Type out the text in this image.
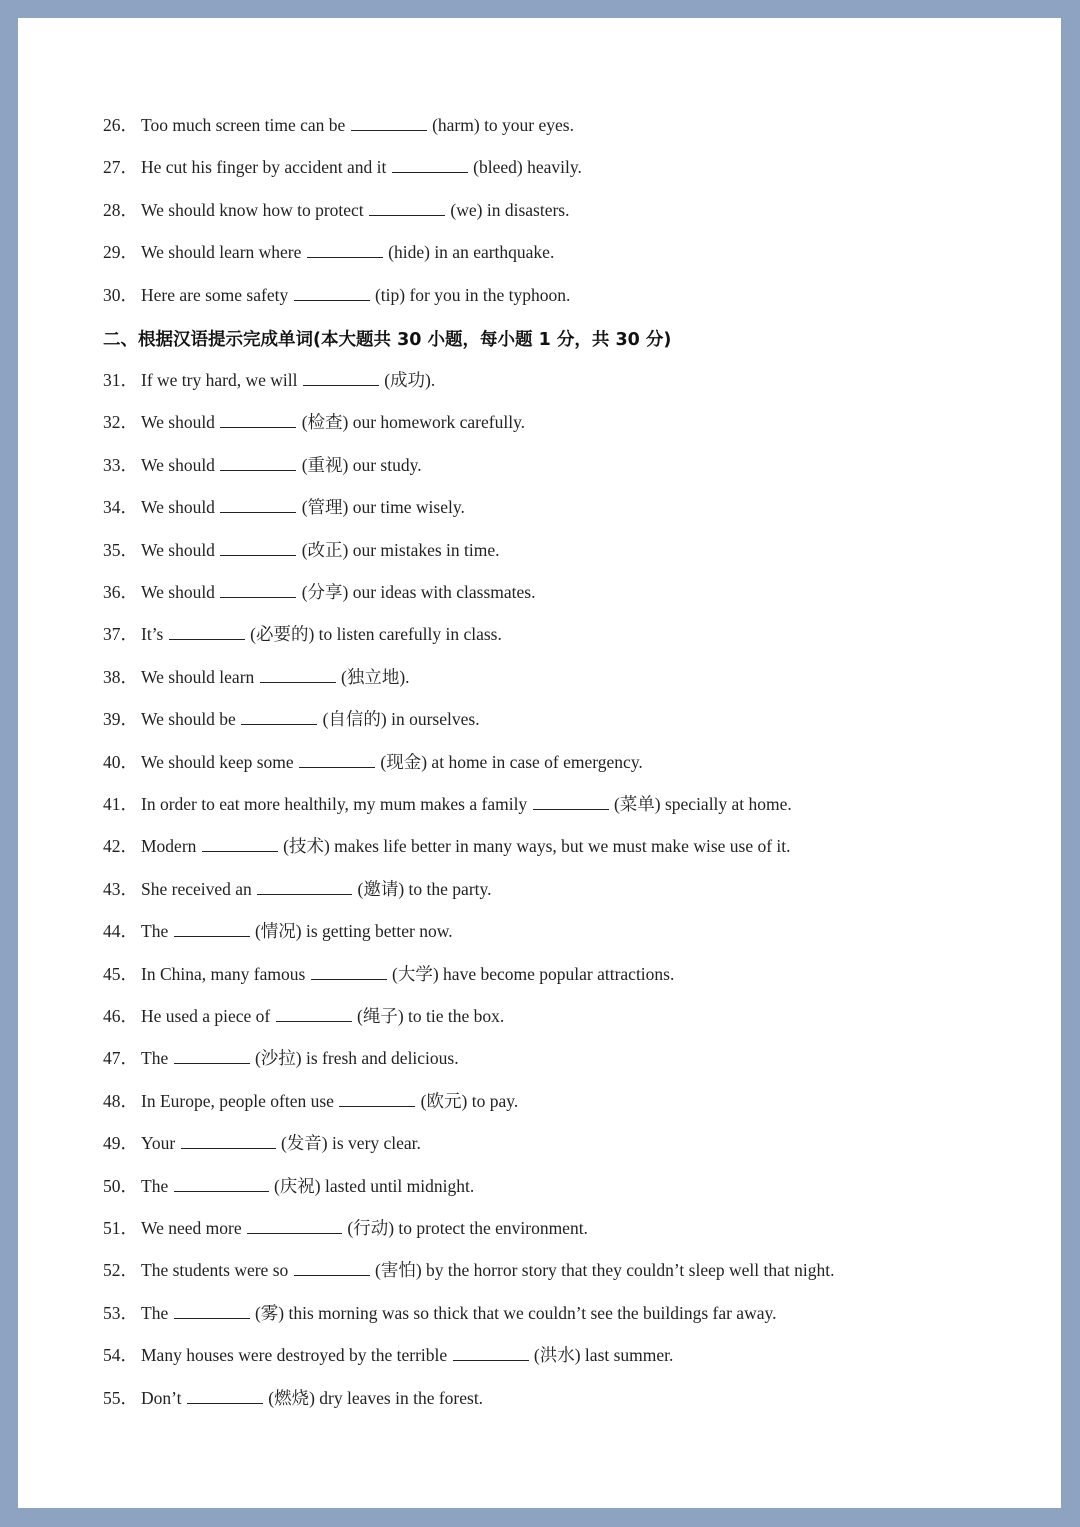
26． Too much screen time can be	(harm) to your eyes.
27． He cut his finger by accident and it	(bleed) heavily.
28． We should know how to protect	(we) in disasters.
29． We should learn where	(hide) in an earthquake.
30． Here are some safety	(tip) for you in the typhoon.
二、根据汉语提示完成单词(本大题共 30 小题，每小题 1 分，共 30 分)
31． If we try hard, we will	(成功).
32． We should	(检查) our homework carefully.
33． We should	(重视) our study.
34． We should	(管理) our time wisely.
35． We should	(改正) our mistakes in time.
36． We should	(分享) our ideas with classmates.
37． It’s	(必要的) to listen carefully in class.
38． We should learn	(独立地).
39． We should be	(自信的) in ourselves.
40． We should keep some	(现金) at home in case of emergency.
41． In order to eat more healthily, my mum makes a family	(菜单) specially at home.
42． Modern	(技术) makes life better in many ways, but we must make wise use of it.
43． She received an	(邀请) to the party.
44． The	(情况) is getting better now.
45． In China, many famous	(大学) have become popular attractions.
46． He used a piece of	(绳子) to tie the box.
47． The	(沙拉) is fresh and delicious.
48． In Europe, people often use	(欧元) to pay.
49． Your	(发音) is very clear.
50． The	(庆祝) lasted until midnight.
51． We need more	(行动) to protect the environment.
52． The students were so	(害怕) by the horror story that they couldn’t sleep well that night.
53． The	(雾) this morning was so thick that we couldn’t see the buildings far away.
54． Many houses were destroyed by the terrible	(洪水) last summer.
55． Don’t	(燃烧) dry leaves in the forest.
